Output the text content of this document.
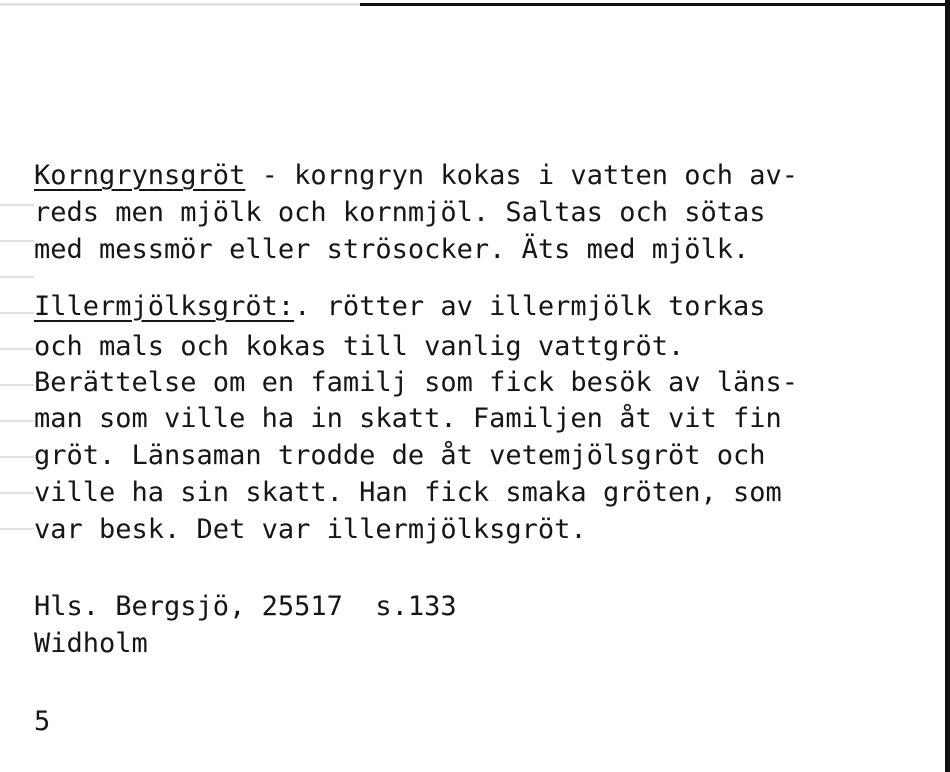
Korngrynsgröt - korngryn kokas i vatten och av-
reds men mjölk och kornmjöl. Saltas och sötas
med messmör eller strösocker. Äts med mjölk.
Illermjölksgröt:. rötter av illermjölk torkas
och mals och kokas till vanlig vattgröt.
Berättelse om en familj som fick besök av läns-
man som ville ha in skatt. Familjen åt vit fin
gröt. Länsaman trodde de åt vetemjölsgröt och
ville ha sin skatt. Han fick smaka gröten, som
var besk. Det var illermjölksgröt.
Hls. Bergsjö, 25517  s.133
Widholm
5
